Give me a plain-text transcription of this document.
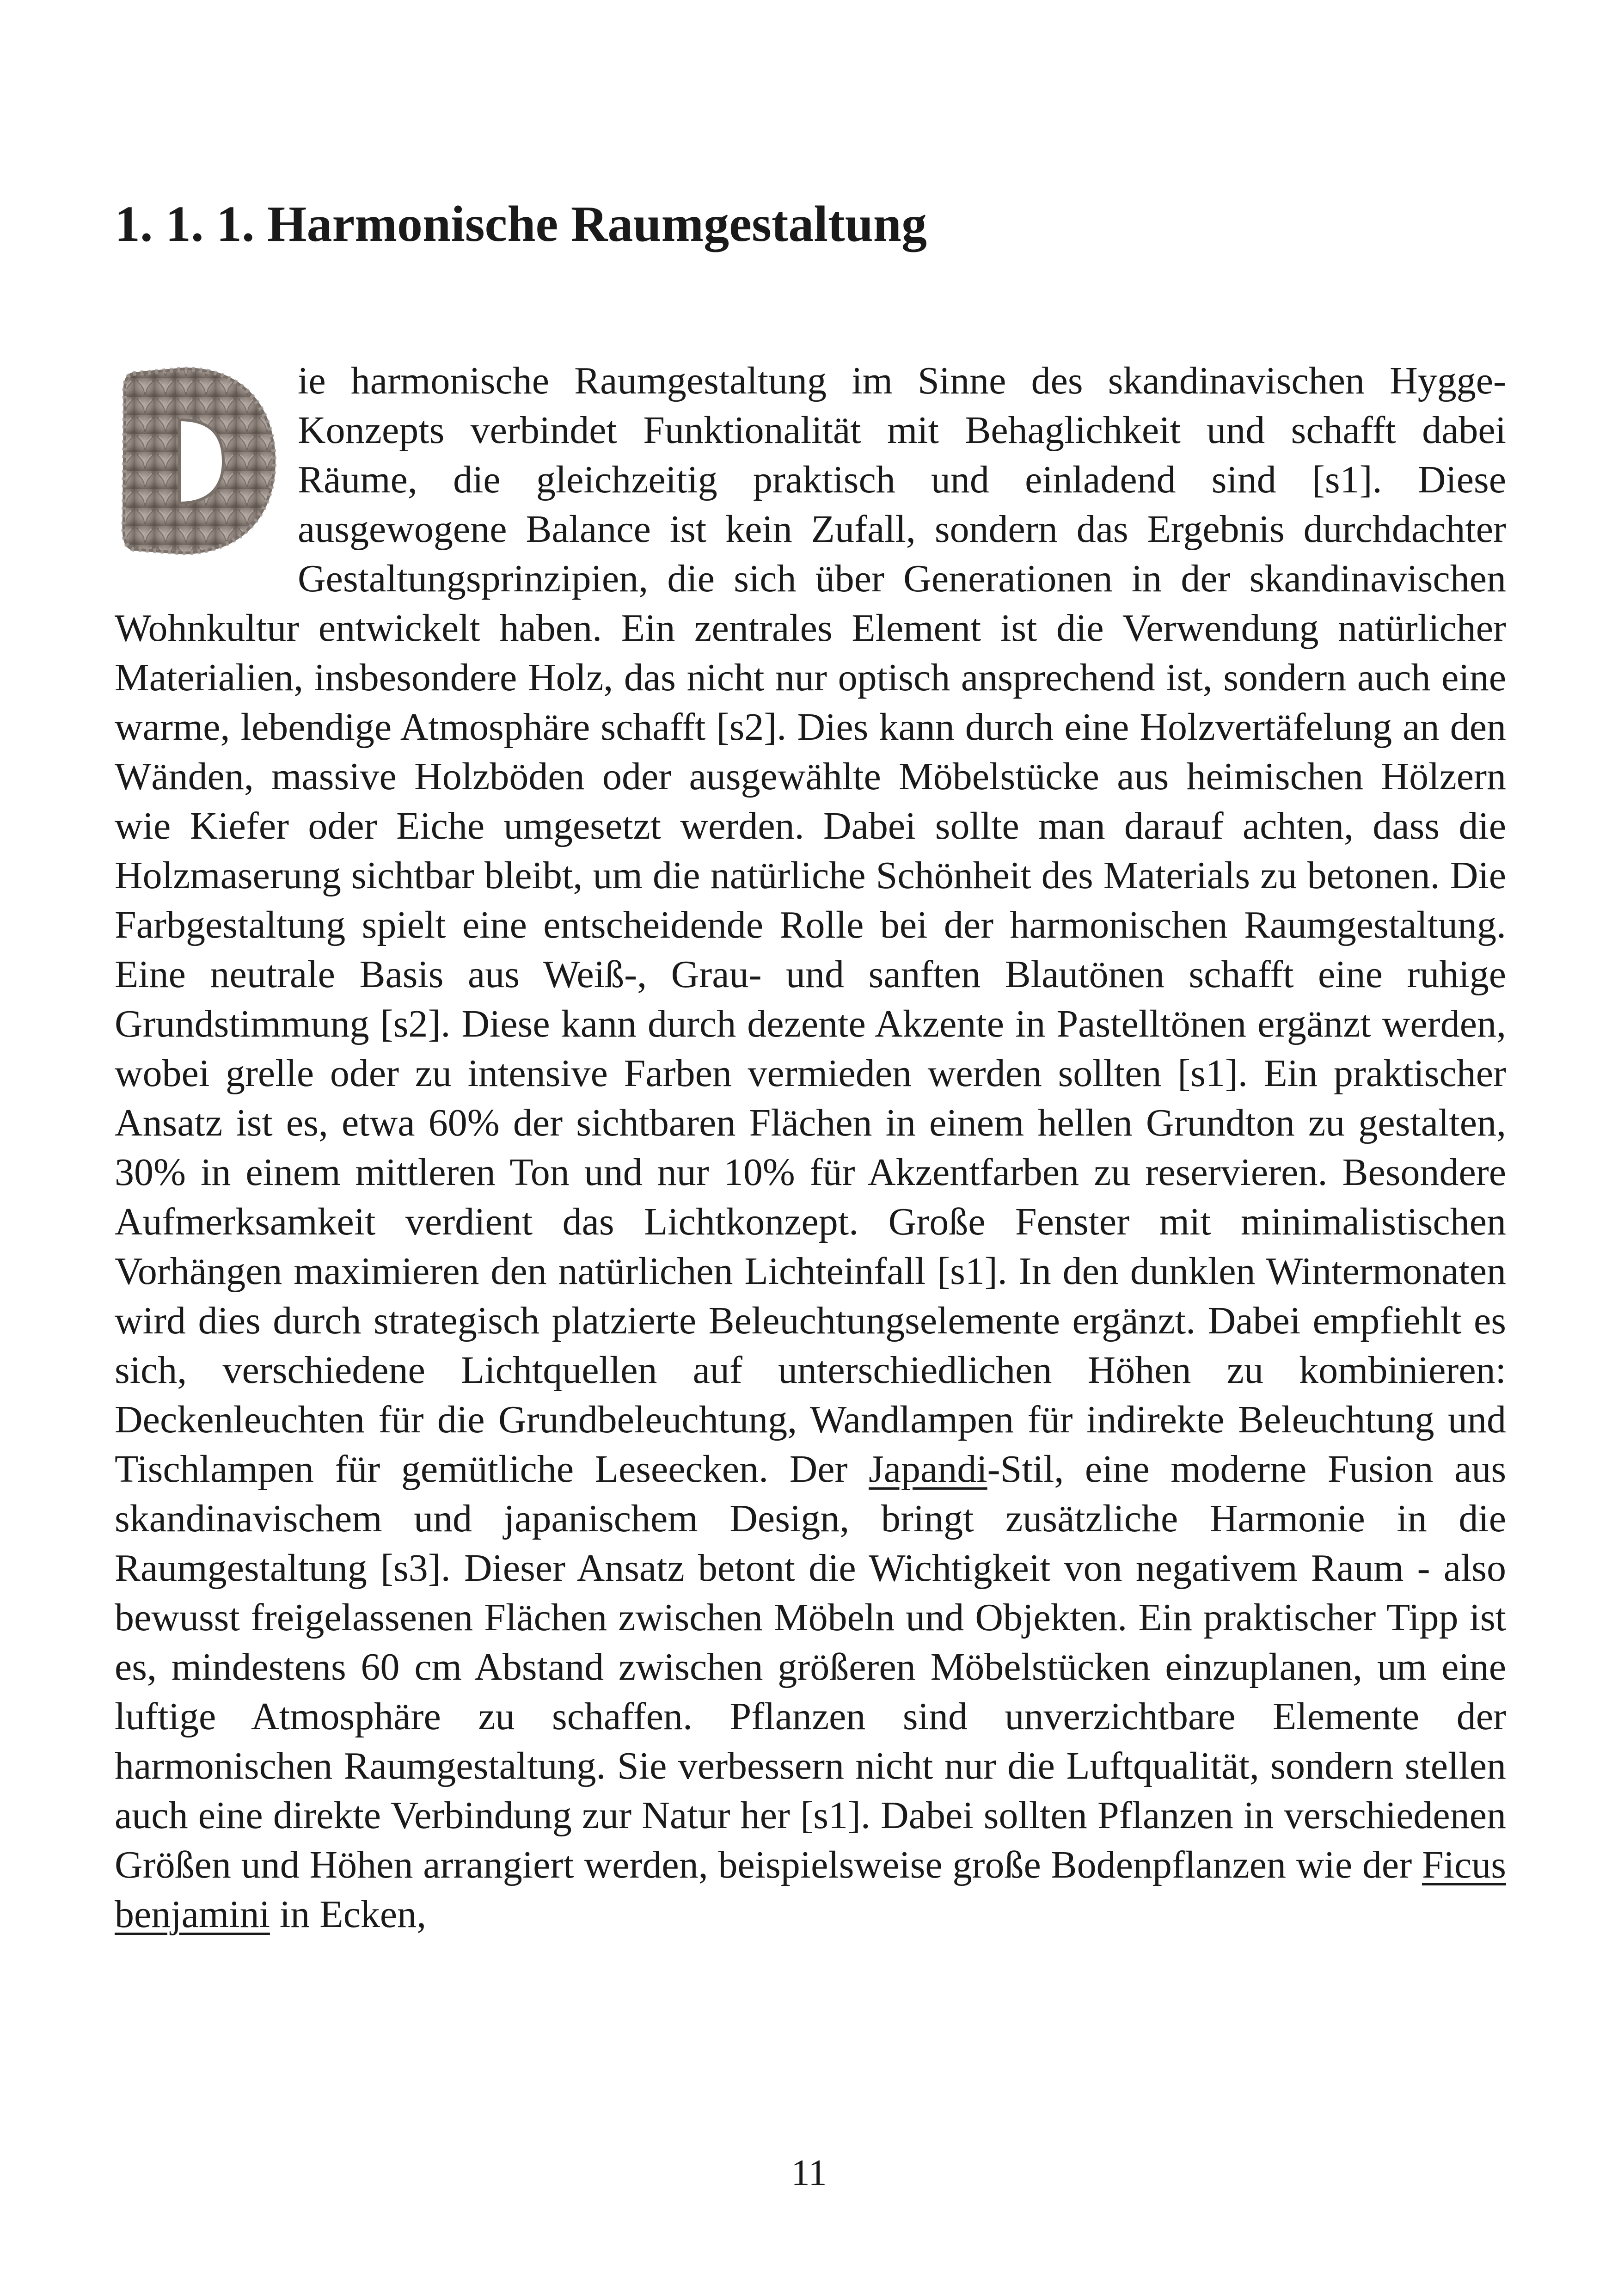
1. 1. 1. Harmonische Raumgestaltung

ie harmonische Raumgestaltung im Sinne des skandinavischen Hygge-Konzepts verbindet Funktionalität mit Behaglichkeit und schafft dabei Räume, die gleichzeitig praktisch und einladend sind [s1]. Diese ausgewogene Balance ist kein Zufall, sondern das Ergebnis durchdachter Gestaltungsprinzipien, die sich über Generationen in der skandinavischen Wohnkultur entwickelt haben. Ein zentrales Element ist die Verwendung natürlicher Materialien, insbesondere Holz, das nicht nur optisch ansprechend ist, sondern auch eine warme, lebendige Atmosphäre schafft [s2]. Dies kann durch eine Holzvertäfelung an den Wänden, massive Holzböden oder ausgewählte Möbelstücke aus heimischen Hölzern wie Kiefer oder Eiche umgesetzt werden. Dabei sollte man darauf achten, dass die Holzmaserung sichtbar bleibt, um die natürliche Schönheit des Materials zu betonen. Die Farbgestaltung spielt eine entscheidende Rolle bei der harmonischen Raumgestaltung. Eine neutrale Basis aus Weiß-, Grau- und sanften Blautönen schafft eine ruhige Grundstimmung [s2]. Diese kann durch dezente Akzente in Pastelltönen ergänzt werden, wobei grelle oder zu intensive Farben vermieden werden sollten [s1]. Ein praktischer Ansatz ist es, etwa 60% der sichtbaren Flächen in einem hellen Grundton zu gestalten, 30% in einem mittleren Ton und nur 10% für Akzentfarben zu reservieren. Besondere Aufmerksamkeit verdient das Lichtkonzept. Große Fenster mit minimalistischen Vorhängen maximieren den natürlichen Lichteinfall [s1]. In den dunklen Wintermonaten wird dies durch strategisch platzierte Beleuchtungselemente ergänzt. Dabei empfiehlt es sich, verschiedene Lichtquellen auf unterschiedlichen Höhen zu kombinieren: Deckenleuchten für die Grundbeleuchtung, Wandlampen für indirekte Beleuchtung und Tischlampen für gemütliche Leseecken. Der Japandi-Stil, eine moderne Fusion aus skandinavischem und japanischem Design, bringt zusätzliche Harmonie in die Raumgestaltung [s3]. Dieser Ansatz betont die Wichtigkeit von negativem Raum - also bewusst freigelassenen Flächen zwischen Möbeln und Objekten. Ein praktischer Tipp ist es, mindestens 60 cm Abstand zwischen größeren Möbelstücken einzuplanen, um eine luftige Atmosphäre zu schaffen. Pflanzen sind unverzichtbare Elemente der harmonischen Raumgestaltung. Sie verbessern nicht nur die Luftqualität, sondern stellen auch eine direkte Verbindung zur Natur her [s1]. Dabei sollten Pflanzen in verschiedenen Größen und Höhen arrangiert werden, beispielsweise große Bodenpflanzen wie der Ficus benjamini in Ecken,

11
